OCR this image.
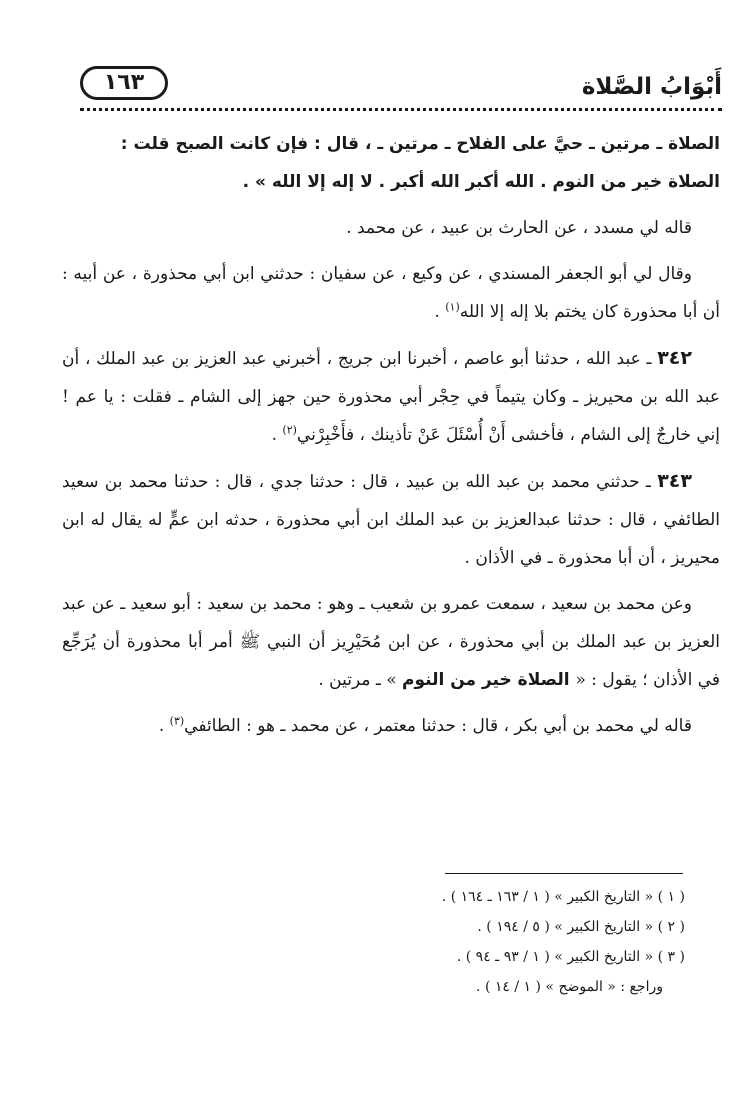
أَبْوَابُ الصَّلاة
١٦٣

الصلاة ـ مرتين ـ حيَّ على الفلاح ـ مرتين ـ ، قال : فإن كانت الصبح قلت :
الصلاة خير من النوم . الله أكبر الله أكبر . لا إله إلا الله » .

قاله لي مسدد ، عن الحارث بن عبيد ، عن محمد .

وقال لي أبو الجعفر المسندي ، عن وكيع ، عن سفيان : حدثني ابن أبي محذورة ، عن أبيه : أن أبا محذورة كان يختم بلا إله إلا الله$^{(١)}$ .

٣٤٢ ـ عبد الله ، حدثنا أبو عاصم ، أخبرنا ابن جريج ، أخبرني عبد العزيز بن عبد الملك ، أن عبد الله بن محيريز ـ وكان يتيماً في حِجْر أبي محذورة حين جهز إلى الشام ـ فقلت : يا عم ! إني خارجٌ إلى الشام ، فأخشى أَنْ أُسْئَلَ عَنْ تأذينك ، فأَخْبِرْني$^{(٢)}$ .

٣٤٣ ـ حدثني محمد بن عبد الله بن عبيد ، قال : حدثنا جدي ، قال : حدثنا محمد بن سعيد الطائفي ، قال : حدثنا عبدالعزيز بن عبد الملك ابن أبي محذورة ، حدثه ابن عمٍّ له يقال له ابن محيريز ، أن أبا محذورة ـ في الأذان .

وعن محمد بن سعيد ، سمعت عمرو بن شعيب ـ وهو : محمد بن سعيد : أبو سعيد ـ عن عبد العزيز بن عبد الملك بن أبي محذورة ، عن ابن مُحَيْرِيز أن النبي ﷺ أمر أبا محذورة أن يُرَجِّع في الأذان ؛ يقول : « الصلاة خير من النوم » ـ مرتين .

قاله لي محمد بن أبي بكر ، قال : حدثنا معتمر ، عن محمد ـ هو : الطائفي$^{(٣)}$ .

( ١ ) « التاريخ الكبير » ( ١ / ١٦٣ ـ ١٦٤ ) .
( ٢ ) « التاريخ الكبير » ( ٥ / ١٩٤ ) .
( ٣ ) « التاريخ الكبير » ( ١ / ٩٣ ـ ٩٤ ) .
وراجع : « الموضح » ( ١ / ١٤ ) .
